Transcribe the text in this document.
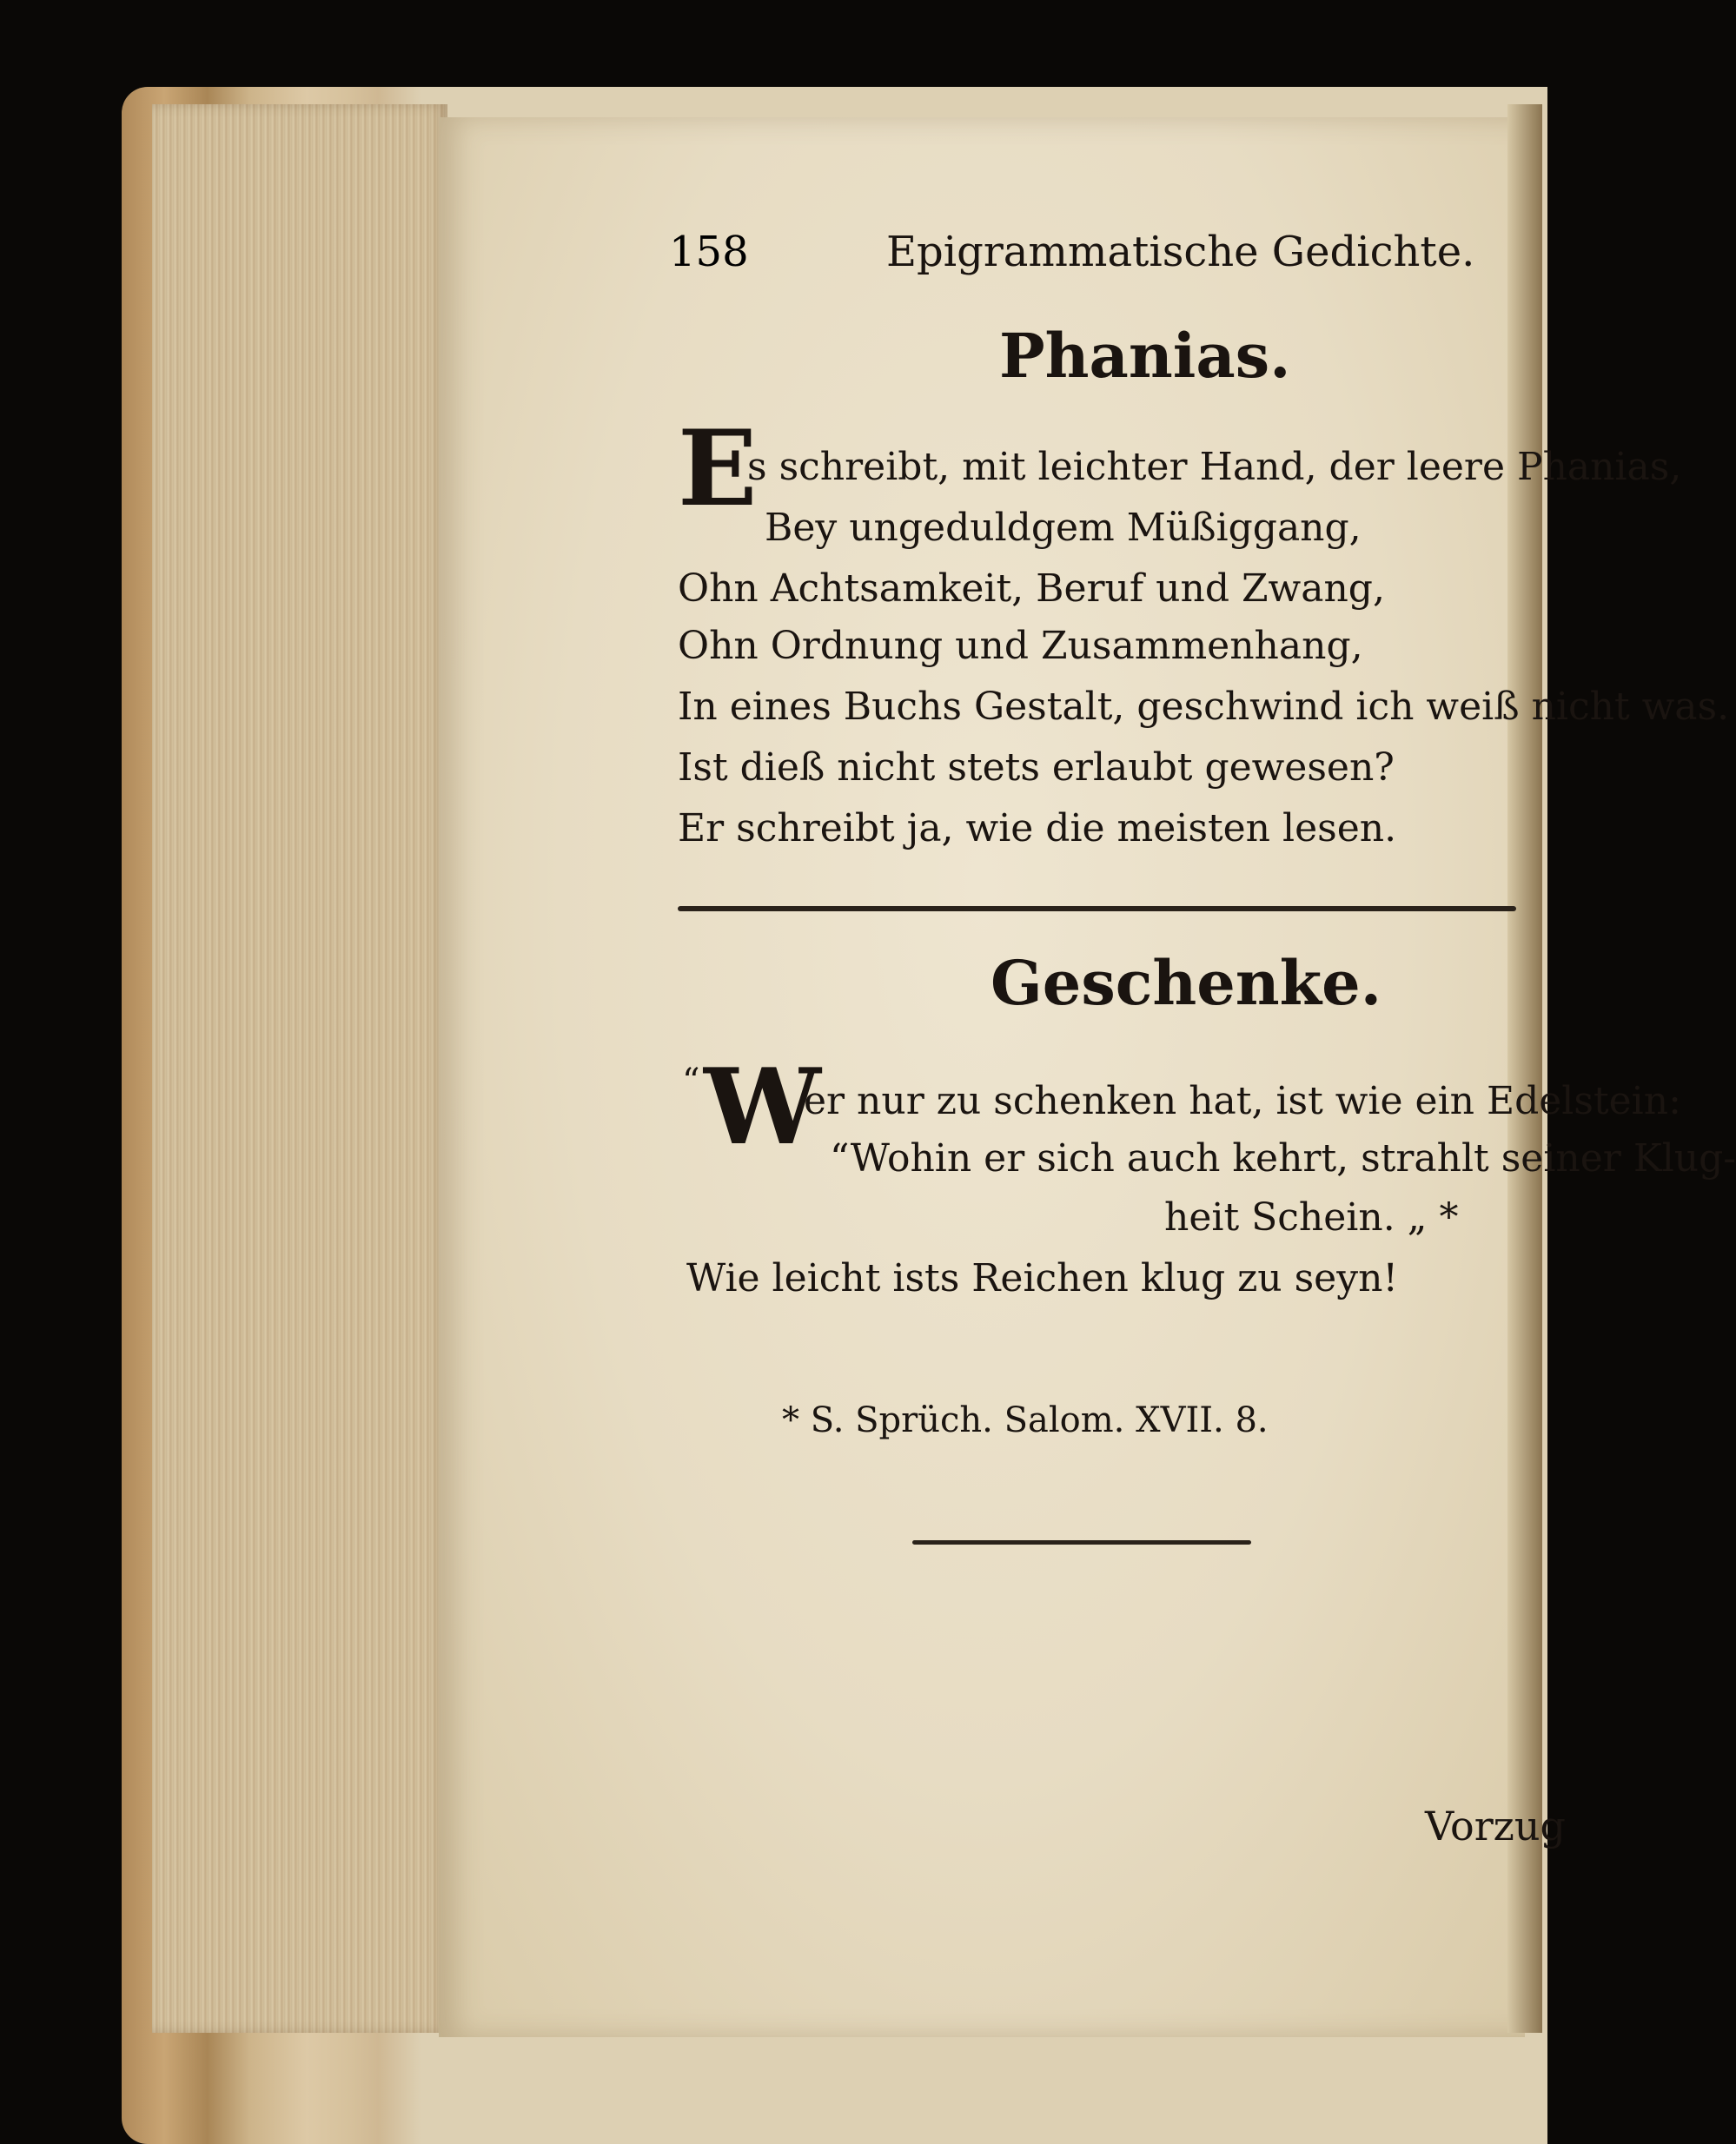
158	Epigrammatische Gedichte.
Phanias.
E
s schreibt, mit leichter Hand, der leere Phanias,
Bey ungeduldgem Müßiggang,
Ohn Achtsamkeit, Beruf und Zwang,
Ohn Ordnung und Zusammenhang,
In eines Buchs Gestalt, geschwind ich weiß nicht was.
Ist dieß nicht stets erlaubt gewesen?
Er schreibt ja, wie die meisten lesen.
Geschenke.
“ W
er nur zu schenken hat, ist wie ein Edelstein:
“Wohin er sich auch kehrt, strahlt seiner Klug-
heit Schein. „ *
Wie leicht ists Reichen klug zu seyn!
* S. Sprüch. Salom. XVII. 8.
Vorzug
